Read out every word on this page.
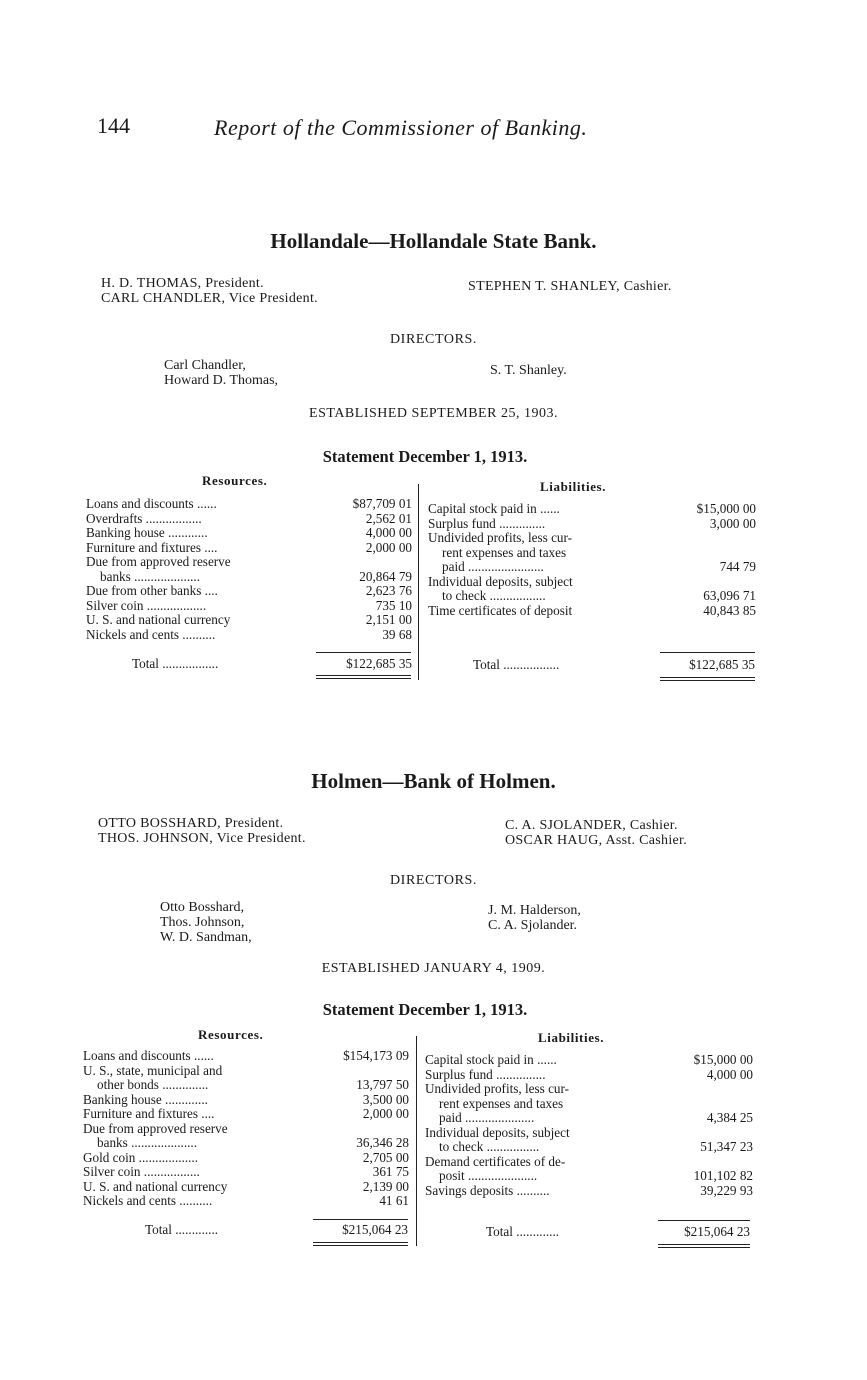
144	Report of the Commissioner of Banking.
Hollandale—Hollandale State Bank.
H. D. THOMAS, President.
CARL CHANDLER, Vice President.
STEPHEN T. SHANLEY, Cashier.
DIRECTORS.
Carl Chandler,
Howard D. Thomas,
S. T. Shanley.
ESTABLISHED SEPTEMBER 25, 1903.
Statement December 1, 1913.
Resources.	Liabilities.
Loans and discounts ......	$87,709 01
Overdrafts .................	2,562 01
Banking house ............	4,000 00
Furniture and fixtures ....	2,000 00
Due from approved reserve
banks ....................	20,864 79
Due from other banks ....	2,623 76
Silver coin ..................	735 10
U. S. and national currency	2,151 00
Nickels and cents ..........	39 68
Capital stock paid in ......	$15,000 00
Surplus fund ..............	3,000 00
Undivided profits, less cur-
rent expenses and taxes
paid .......................	744 79
Individual deposits, subject
to check .................	63,096 71
Time certificates of deposit	40,843 85
Total .................	$122,685 35	Total .................	$122,685 35
Holmen—Bank of Holmen.
OTTO BOSSHARD, President.
THOS. JOHNSON, Vice President.
C. A. SJOLANDER, Cashier.
OSCAR HAUG, Asst. Cashier.
DIRECTORS.
Otto Bosshard,
Thos. Johnson,
W. D. Sandman,
J. M. Halderson,
C. A. Sjolander.
ESTABLISHED JANUARY 4, 1909.
Statement December 1, 1913.
Resources.	Liabilities.
Loans and discounts ......	$154,173 09
U. S., state, municipal and
other bonds ..............	13,797 50
Banking house .............	3,500 00
Furniture and fixtures ....	2,000 00
Due from approved reserve
banks ....................	36,346 28
Gold coin ..................	2,705 00
Silver coin .................	361 75
U. S. and national currency	2,139 00
Nickels and cents ..........	41 61
Capital stock paid in ......	$15,000 00
Surplus fund ...............	4,000 00
Undivided profits, less cur-
rent expenses and taxes
paid .....................	4,384 25
Individual deposits, subject
to check ................	51,347 23
Demand certificates of de-
posit .....................	101,102 82
Savings deposits ..........	39,229 93
Total .............	$215,064 23	Total .............	$215,064 23
